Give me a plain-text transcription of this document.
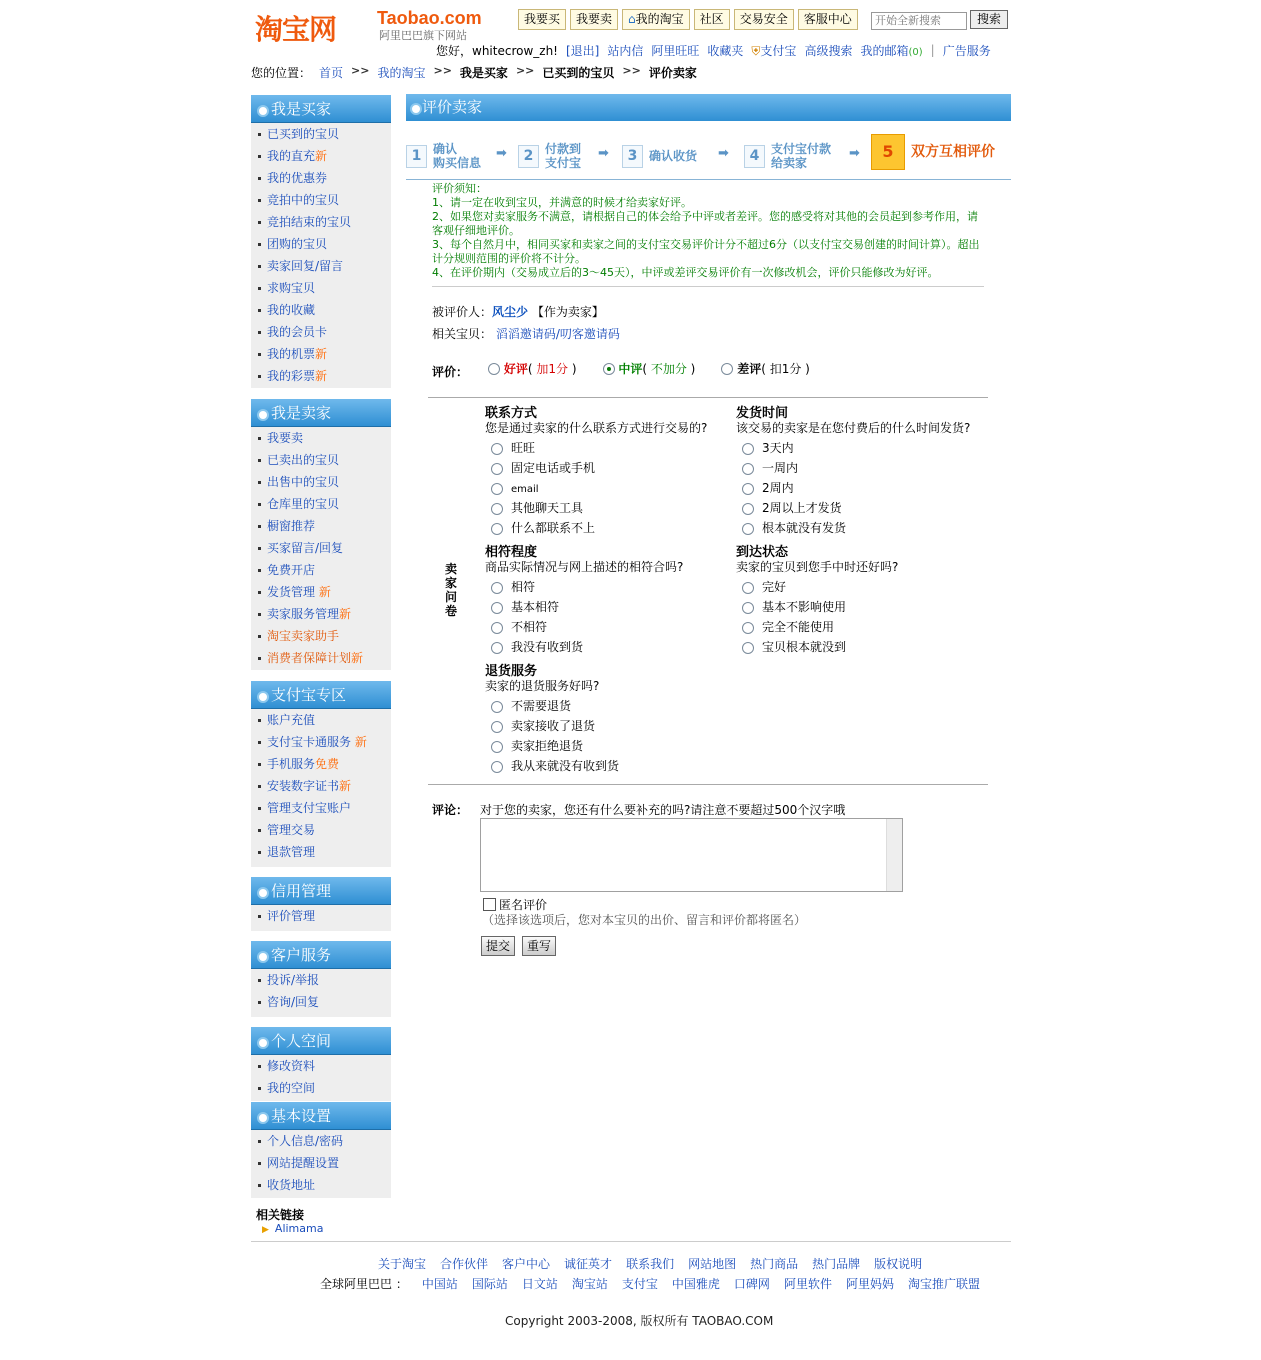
淘宝网 Taobao.com
阿里巴巴旗下网站
我要买	我要卖	⌂我的淘宝	社区	交易安全	客服中心
开始全新搜索	搜索
您好，whitecrow_zh! [退出] 站内信 阿里旺旺 收藏夹 ⛨支付宝 高级搜索 我的邮箱(0) | 广告服务
您的位置： 首页 >> 我的淘宝 >> 我是买家 >> 已买到的宝贝 >> 评价卖家
我是买家
已买到的宝贝
我的直充新
我的优惠券
竞拍中的宝贝
竞拍结束的宝贝
团购的宝贝
卖家回复/留言
求购宝贝
我的收藏
我的会员卡
我的机票新
我的彩票新
我是卖家
我要卖
已卖出的宝贝
出售中的宝贝
仓库里的宝贝
橱窗推荐
买家留言/回复
免费开店
发货管理 新
卖家服务管理新
淘宝卖家助手
消费者保障计划新
支付宝专区
账户充值
支付宝卡通服务 新
手机服务免费
安装数字证书新
管理支付宝账户
管理交易
退款管理
信用管理
评价管理
客户服务
投诉/举报
咨询/回复
个人空间
修改资料
我的空间
基本设置
个人信息/密码
网站提醒设置
收货地址
相关链接
▶ Alimama
评价卖家
1 确认
购买信息
➡	2 付款到
支付宝
➡	3 确认收货 ➡	4 支付宝付款
给卖家
➡	5	双方互相评价
评价须知：
1、请一定在收到宝贝，并满意的时候才给卖家好评。
2、如果您对卖家服务不满意，请根据自己的体会给予中评或者差评。您的感受将对其他的会员起到参考作用，请客观仔细地评价。
3、每个自然月中，相同买家和卖家之间的支付宝交易评价计分不超过6分（以支付宝交易创建的时间计算）。超出计分规则范围的评价将不计分。
4、在评价期内（交易成立后的3～45天），中评或差评交易评价有一次修改机会，评价只能修改为好评。
被评价人：风尘少 【作为卖家】
相关宝贝： 滔滔邀请码/叨客邀请码
评价：	好评( 加1分 )	中评( 不加分 )	差评( 扣1分 )
卖家问卷
联系方式
您是通过卖家的什么联系方式进行交易的?
旺旺
固定电话或手机
email
其他聊天工具
什么都联系不上
发货时间
该交易的卖家是在您付费后的什么时间发货?
3天内
一周内
2周内
2周以上才发货
根本就没有发货
相符程度
商品实际情况与网上描述的相符合吗?
相符
基本相符
不相符
我没有收到货
到达状态
卖家的宝贝到您手中时还好吗?
完好
基本不影响使用
完全不能使用
宝贝根本就没到
退货服务
卖家的退货服务好吗?
不需要退货
卖家接收了退货
卖家拒绝退货
我从来就没有收到货
评论： 对于您的卖家，您还有什么要补充的吗?请注意不要超过500个汉字哦
匿名评价
（选择该选项后，您对本宝贝的出价、留言和评价都将匿名）
提交	重写
关于淘宝 合作伙伴 客户中心 诚征英才 联系我们 网站地图 热门商品 热门品牌 版权说明
全球阿里巴巴 ： 中国站 国际站 日文站 淘宝站 支付宝 中国雅虎 口碑网 阿里软件 阿里妈妈 淘宝推广联盟
Copyright 2003-2008, 版权所有 TAOBAO.COM
